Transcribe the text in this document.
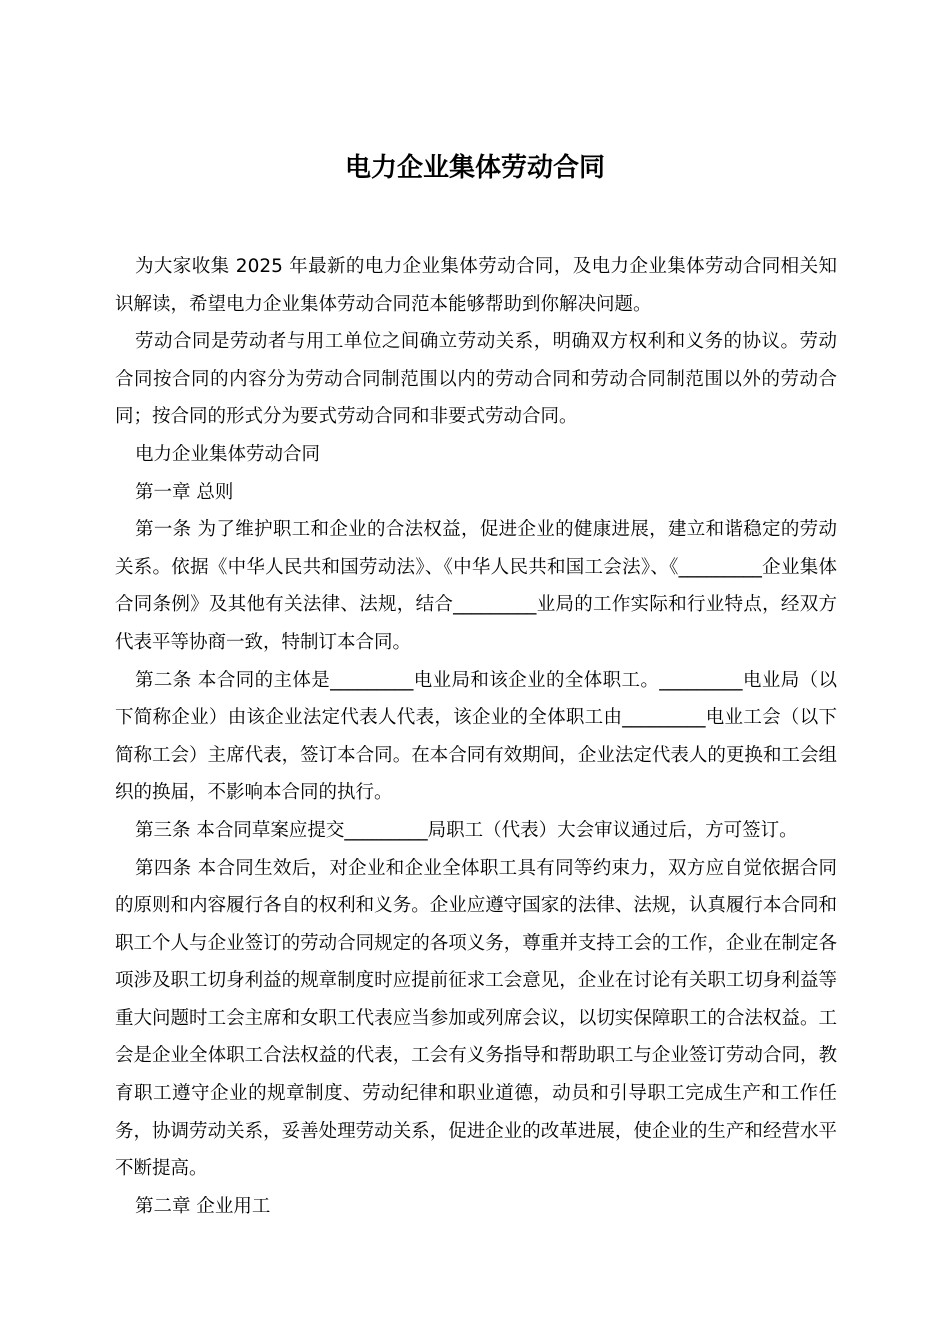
电力企业集体劳动合同

为大家收集 2025 年最新的电力企业集体劳动合同，及电力企业集体劳动合同相关知识解读，希望电力企业集体劳动合同范本能够帮助到你解决问题。

劳动合同是劳动者与用工单位之间确立劳动关系，明确双方权利和义务的协议。劳动合同按合同的内容分为劳动合同制范围以内的劳动合同和劳动合同制范围以外的劳动合同；按合同的形式分为要式劳动合同和非要式劳动合同。

电力企业集体劳动合同

第一章 总则

第一条 为了维护职工和企业的合法权益，促进企业的健康进展，建立和谐稳定的劳动关系。依据《中华人民共和国劳动法》、《中华人民共和国工会法》、《_________企业集体合同条例》及其他有关法律、法规，结合_________业局的工作实际和行业特点，经双方代表平等协商一致，特制订本合同。

第二条 本合同的主体是_________电业局和该企业的全体职工。_________电业局（以下简称企业）由该企业法定代表人代表，该企业的全体职工由_________电业工会（以下简称工会）主席代表，签订本合同。在本合同有效期间，企业法定代表人的更换和工会组织的换届，不影响本合同的执行。

第三条 本合同草案应提交_________局职工（代表）大会审议通过后，方可签订。

第四条 本合同生效后，对企业和企业全体职工具有同等约束力，双方应自觉依据合同的原则和内容履行各自的权利和义务。企业应遵守国家的法律、法规，认真履行本合同和职工个人与企业签订的劳动合同规定的各项义务，尊重并支持工会的工作，企业在制定各项涉及职工切身利益的规章制度时应提前征求工会意见，企业在讨论有关职工切身利益等重大问题时工会主席和女职工代表应当参加或列席会议，以切实保障职工的合法权益。工会是企业全体职工合法权益的代表，工会有义务指导和帮助职工与企业签订劳动合同，教育职工遵守企业的规章制度、劳动纪律和职业道德，动员和引导职工完成生产和工作任务，协调劳动关系，妥善处理劳动关系，促进企业的改革进展，使企业的生产和经营水平不断提高。

第二章 企业用工
